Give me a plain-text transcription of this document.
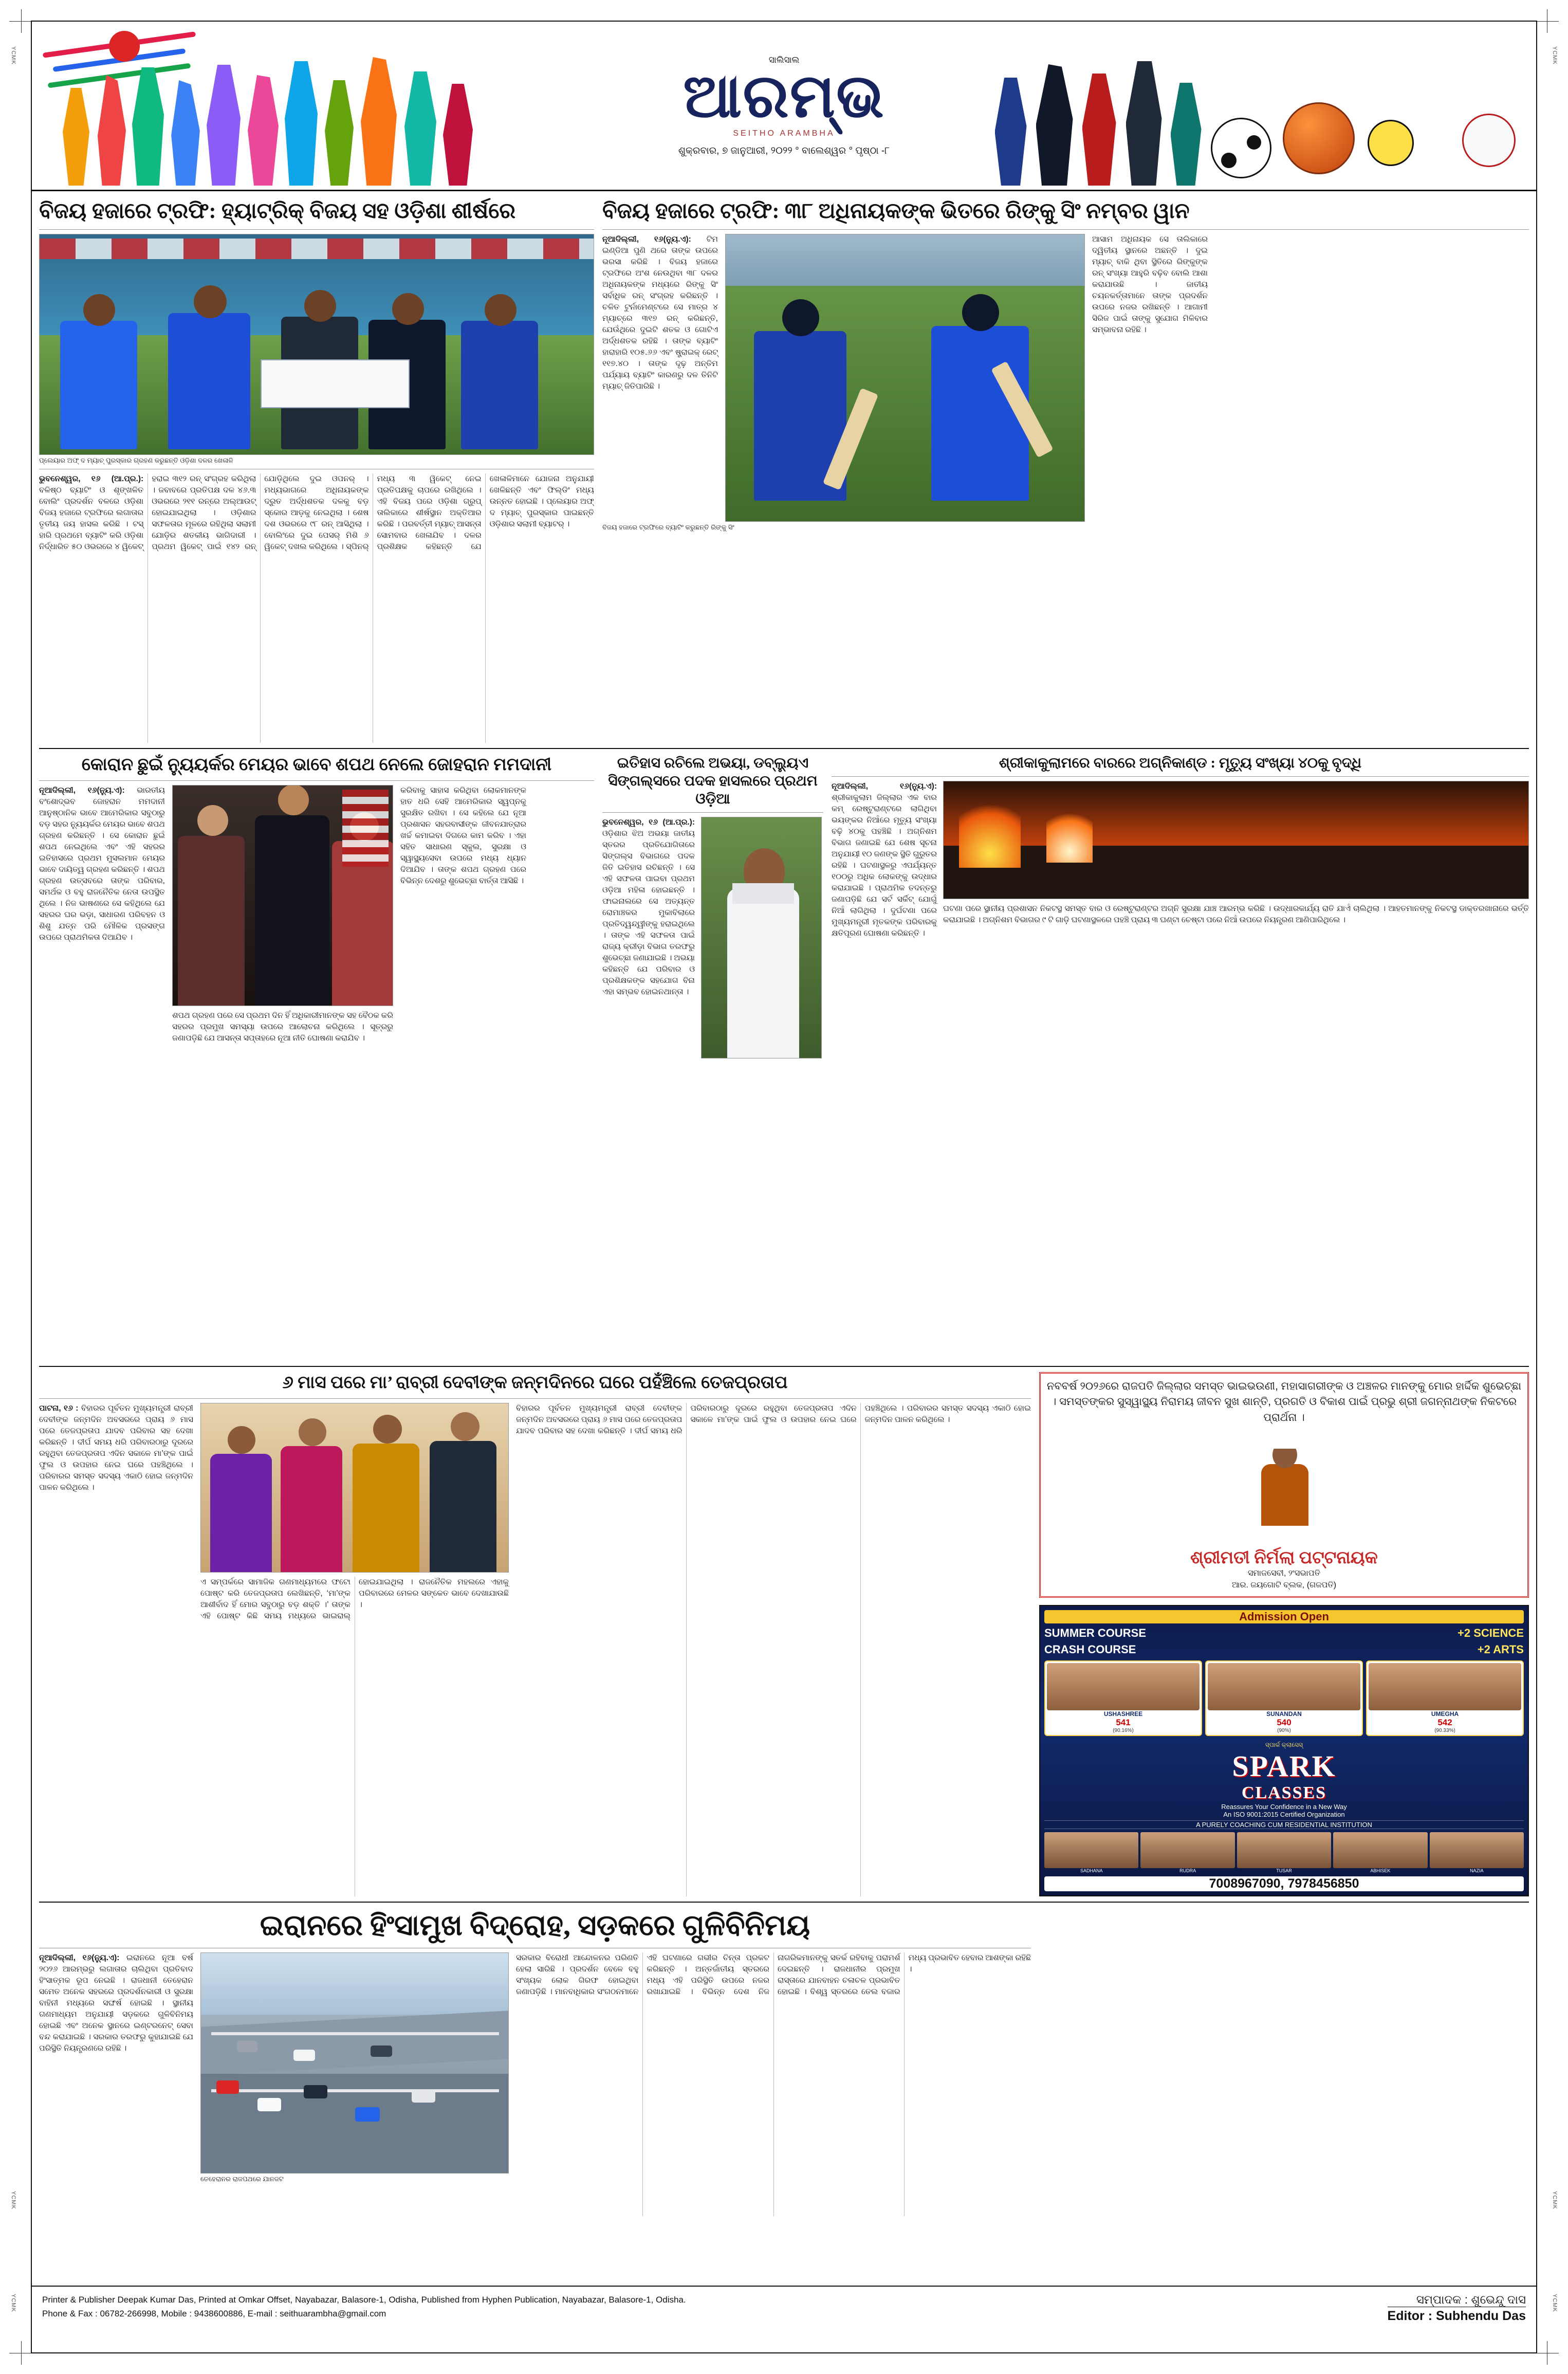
YCMK	YCMK
YCMK	YCMK
YCMK	YCMK
ସାଲିସାଲ
ଆରମ୍ଭ
SEITHO ARAMBHA
ଶୁକ୍ରବାର, ୭ ଜାନୁଆରୀ, ୨୦୨୨ ° ବାଲେଶ୍ୱର ° ପୃଷ୍ଠା -୮
ବିଜୟ ହଜାରେ ଟ୍ରଫି: ହ୍ୟାଟ୍ରିକ୍ ବିଜୟ ସହ ଓଡ଼ିଶା ଶୀର୍ଷରେ
ପ୍ଲେୟାର ଅଫ୍ ଦ ମ୍ୟାଚ୍ ପୁରସ୍କାର ଗ୍ରହଣ କରୁଛନ୍ତି ଓଡ଼ିଶା ଦଳର ଖେଳାଳି
ଭୁବନେଶ୍ୱର, ୧୬ (ଆ.ପ୍ର.): ବଳିଷ୍ଠ ବ୍ୟାଟିଂ ଓ ଶୃଙ୍ଖଳିତ ବୋଲିଂ ପ୍ରଦର୍ଶନ ବଳରେ ଓଡ଼ିଶା ବିଜୟ ହଜାରେ ଟ୍ରଫିରେ ଲଗାତାର ତୃତୀୟ ଜୟ ହାସଲ କରିଛି । ଟସ୍ ହାରି ପ୍ରଥମେ ବ୍ୟାଟିଂ କରି ଓଡ଼ିଶା ନିର୍ଦ୍ଧାରିତ ୫୦ ଓଭରରେ ୪ ୱିକେଟ୍ ହରାଇ ୩୧୨ ରନ୍ ସଂଗ୍ରହ କରିଥିଲା । ଜବାବରେ ପ୍ରତିପକ୍ଷ ଦଳ ୪୬.୩ ଓଭରରେ ୨୧୧ ରନ୍ରେ ଅଲ୍ଆଉଟ୍ ହୋଇଯାଇଥିଲା । ଓଡ଼ିଶାର ସଫଳତାର ମୂଳରେ ରହିଥିଲା ସଲାମୀ ଯୋଡ଼ିର ଶତକୀୟ ଭାଗିଦାରୀ । ପ୍ରଥମ ୱିକେଟ୍ ପାଇଁ ୧୪୨ ରନ୍ ଯୋଡ଼ିଥିଲେ ଦୁଇ ଓପନର୍ । ମଧ୍ୟଭାଗରେ ଅଧିନାୟକଙ୍କ ଦ୍ରୁତ ଅର୍ଦ୍ଧଶତକ ଦଳକୁ ବଡ଼ ସ୍କୋର ଆଡ଼କୁ ନେଇଥିଲା । ଶେଷ ଦଶ ଓଭରରେ ୯୮ ରନ୍ ଆସିଥିଲା । ବୋଲିଂରେ ଦୁଇ ପେସର୍ ମିଶି ୬ ୱିକେଟ୍ ଦଖଲ କରିଥିଲେ । ସ୍ପିନର୍ ମଧ୍ୟ ୩ ୱିକେଟ୍ ନେଇ ପ୍ରତିପକ୍ଷକୁ ଚାପରେ ରଖିଥିଲେ । ଏହି ବିଜୟ ପରେ ଓଡ଼ିଶା ଗ୍ରୁପ୍ ତାଲିକାରେ ଶୀର୍ଷସ୍ଥାନ ଅକ୍ତିଆର କରିଛି । ପରବର୍ତ୍ତୀ ମ୍ୟାଚ୍ ଆସନ୍ତା ସୋମବାର ଖେଳାଯିବ । ଦଳର ପ୍ରଶିକ୍ଷକ କହିଛନ୍ତି ଯେ ଖେଳାଳିମାନେ ଯୋଜନା ଅନୁଯାୟୀ ଖେଳିଛନ୍ତି ଏବଂ ଫିଲ୍ଡିଂ ମଧ୍ୟ ଉନ୍ନତ ହୋଇଛି । ପ୍ଲେୟାର ଅଫ୍ ଦ ମ୍ୟାଚ୍ ପୁରସ୍କାର ପାଇଛନ୍ତି ଓଡ଼ିଶାର ସଲାମୀ ବ୍ୟାଟର୍ ।
ବିଜୟ ହଜାରେ ଟ୍ରଫି: ୩୮ ଅଧିନାୟକଙ୍କ ଭିତରେ ରିଙ୍କୁ ସିଂ ନମ୍ବର ୱାନ
ନୂଆଦିଲ୍ଲୀ, ୧୬(ନ୍ୟୁ.ଏ): ଟିମ ଇଣ୍ଡିଆ ପୁଣି ଥରେ ତାଙ୍କ ଉପରେ ଭରସା କରିଛି । ବିଜୟ ହଜାରେ ଟ୍ରଫିରେ ଅଂଶ ନେଉଥିବା ୩୮ ଦଳର ଅଧିନାୟକଙ୍କ ମଧ୍ୟରେ ରିଙ୍କୁ ସିଂ ସର୍ବାଧିକ ରନ୍ ସଂଗ୍ରହ କରିଛନ୍ତି । ଚଳିତ ଟୁର୍ନାମେଣ୍ଟରେ ସେ ମାତ୍ର ୪ ମ୍ୟାଚ୍ରେ ୩୧୭ ରନ୍ କରିଛନ୍ତି, ଯେଉଁଥିରେ ଦୁଇଟି ଶତକ ଓ ଗୋଟିଏ ଅର୍ଦ୍ଧଶତକ ରହିଛି । ତାଙ୍କ ବ୍ୟାଟିଂ ହାରାହାରି ୧୦୫.୬୬ ଏବଂ ଷ୍ଟ୍ରାଇକ୍ ରେଟ୍ ୧୧୭.୪୦ । ତାଙ୍କ ଦୃଢ଼ ଅନ୍ତିମ ପର୍ଯ୍ୟାୟ ବ୍ୟାଟିଂ କାରଣରୁ ଦଳ ତିନିଟି ମ୍ୟାଚ୍ ଜିତିପାରିଛି ।
ଆସାମ ଅଧିନାୟକ ସେ ତାଲିକାରେ ଦ୍ୱିତୀୟ ସ୍ଥାନରେ ଅଛନ୍ତି । ଦୁଇ ମ୍ୟାଚ୍ ବାକି ଥିବା ସ୍ଥିତିରେ ରିଙ୍କୁଙ୍କ ରନ୍ ସଂଖ୍ୟା ଆହୁରି ବଢ଼ିବ ବୋଲି ଆଶା କରାଯାଉଛି । ଜାତୀୟ ଚୟନକର୍ତ୍ତାମାନେ ତାଙ୍କ ପ୍ରଦର୍ଶନ ଉପରେ ନଜର ରଖିଛନ୍ତି । ଆଗାମୀ ସିରିଜ ପାଇଁ ତାଙ୍କୁ ସୁଯୋଗ ମିଳିବାର ସମ୍ଭାବନା ରହିଛି ।
ବିଜୟ ହଜାରେ ଟ୍ରଫିରେ ବ୍ୟାଟିଂ କରୁଛନ୍ତି ରିଙ୍କୁ ସିଂ
କୋରାନ ଛୁଇଁ ନ୍ୟୁୟର୍କର ମେୟର ଭାବେ ଶପଥ ନେଲେ ଜୋହରାନ ମମଦାନୀ
ନୂଆଦିଲ୍ଲୀ, ୧୬(ନ୍ୟୁ.ଏ): ଭାରତୀୟ ବଂଶୋଦ୍ଭବ ଜୋହରାନ ମମଦାନୀ ଆନୁଷ୍ଠାନିକ ଭାବେ ଆମେରିକାର ସବୁଠାରୁ ବଡ଼ ସହର ନ୍ୟୁୟର୍କର ମେୟର ଭାବେ ଶପଥ ଗ୍ରହଣ କରିଛନ୍ତି । ସେ କୋରାନ ଛୁଇଁ ଶପଥ ନେଇଥିଲେ ଏବଂ ଏହି ସହରର ଇତିହାସରେ ପ୍ରଥମ ମୁସଲମାନ ମେୟର ଭାବେ ଦାୟିତ୍ୱ ଗ୍ରହଣ କରିଛନ୍ତି । ଶପଥ ଗ୍ରହଣ ଉତ୍ସବରେ ତାଙ୍କ ପରିବାର, ସମର୍ଥକ ଓ ବହୁ ରାଜନୈତିକ ନେତା ଉପସ୍ଥିତ ଥିଲେ । ନିଜ ଭାଷଣରେ ସେ କହିଥିଲେ ଯେ ସହରର ଘର ଭଡ଼ା, ସାଧାରଣ ପରିବହନ ଓ ଶିଶୁ ଯତ୍ନ ପରି ମୌଳିକ ପ୍ରସଙ୍ଗ ଉପରେ ପ୍ରାଥମିକତା ଦିଆଯିବ ।
ଶପଥ ଗ୍ରହଣ ପରେ ସେ ପ୍ରଥମ ଦିନ ହିଁ ଅଧିକାରୀମାନଙ୍କ ସହ ବୈଠକ କରି ସହରର ପ୍ରମୁଖ ସମସ୍ୟା ଉପରେ ଆଲୋଚନା କରିଥିଲେ । ସୂତ୍ରରୁ ଜଣାପଡ଼ିଛି ଯେ ଆସନ୍ତା ସପ୍ତାହରେ ନୂଆ ନୀତି ଘୋଷଣା କରାଯିବ ।
କରିବାକୁ ସାହାସ କରିଥିବା ଲୋକମାନଙ୍କ ହାତ ଧରି ସେହି ଆମେରିକାର ସ୍ୱପ୍ନକୁ ସୁରକ୍ଷିତ ରଖିବା । ସେ କହିଲେ ଯେ ନୂଆ ପ୍ରଶାସନ ସହରବାସୀଙ୍କ ଜୀବନଯାତ୍ରାର ଖର୍ଚ୍ଚ କମାଇବା ଦିଗରେ କାମ କରିବ । ଏହା ସହିତ ସାଧାରଣ ସ୍କୁଲ, ସୁରକ୍ଷା ଓ ସ୍ୱାସ୍ଥ୍ୟସେବା ଉପରେ ମଧ୍ୟ ଧ୍ୟାନ ଦିଆଯିବ । ତାଙ୍କ ଶପଥ ଗ୍ରହଣ ପରେ ବିଭିନ୍ନ ଦେଶରୁ ଶୁଭେଚ୍ଛା ବାର୍ତ୍ତା ଆସିଛି ।
ଇତିହାସ ରଚିଲେ ଅଭୟା, ଡବ୍ଲ୍ୟୁଏ ସିଙ୍ଗଲ୍ସରେ ପଦକ ହାସଲରେ ପ୍ରଥମ ଓଡ଼ିଆ
ଭୁବନେଶ୍ୱର, ୧୬ (ଆ.ପ୍ର.): ଓଡ଼ିଶାର ଝିଅ ଅଭୟା ଜାତୀୟ ସ୍ତରର ପ୍ରତିଯୋଗିତାରେ ସିଙ୍ଗଲ୍ସ ବିଭାଗରେ ପଦକ ଜିତି ଇତିହାସ ରଚିଛନ୍ତି । ସେ ଏହି ସଫଳତା ପାଇବା ପ୍ରଥମ ଓଡ଼ିଆ ମହିଳା ହୋଇଛନ୍ତି । ଫାଇନାଲରେ ସେ ଅତ୍ୟନ୍ତ ରୋମାଞ୍ଚକର ମୁକାବିଲାରେ ପ୍ରତିଦ୍ୱନ୍ଦ୍ୱୀଙ୍କୁ ହରାଇଥିଲେ । ତାଙ୍କ ଏହି ସଫଳତା ପାଇଁ ରାଜ୍ୟ କ୍ରୀଡ଼ା ବିଭାଗ ତରଫରୁ ଶୁଭେଚ୍ଛା ଜଣାଯାଇଛି । ଅଭୟା କହିଛନ୍ତି ଯେ ପରିବାର ଓ ପ୍ରଶିକ୍ଷକଙ୍କ ସହଯୋଗ ବିନା ଏହା ସମ୍ଭବ ହୋଇନଥାନ୍ତା ।

ଶ୍ରୀକାକୁଲାମରେ ବାରରେ ଅଗ୍ନିକାଣ୍ଡ : ମୃତ୍ୟୁ ସଂଖ୍ୟା ୪୦କୁ ବୃଦ୍ଧି
ନୂଆଦିଲ୍ଲୀ, ୧୬(ନ୍ୟୁ.ଏ): ଶ୍ରୀକାକୁଲାମ ଜିଲ୍ଲାର ଏକ ବାର କମ୍ ରେଷ୍ଟୁରାଣ୍ଟରେ ଲାଗିଥିବା ଭୟଙ୍କର ନିଆଁରେ ମୃତ୍ୟୁ ସଂଖ୍ୟା ବଢ଼ି ୪୦କୁ ପହଞ୍ଚିଛି । ଅଗ୍ନିଶମ ବିଭାଗ ଜଣାଇଛି ଯେ ଶେଷ ସୂଚନା ଅନୁଯାୟୀ ୧୦ ଜଣଙ୍କ ସ୍ଥିତି ଗୁରୁତର ରହିଛି । ଘଟଣାସ୍ଥଳରୁ ଏପର୍ଯ୍ୟନ୍ତ ୧୦୦ରୁ ଅଧିକ ଲୋକଙ୍କୁ ଉଦ୍ଧାର କରାଯାଇଛି । ପ୍ରାଥମିକ ତଦନ୍ତରୁ ଜଣାପଡ଼ିଛି ଯେ ସର୍ଟ ସର୍କିଟ୍ ଯୋଗୁଁ ନିଆଁ ଲାଗିଥିଲା । ଦୁର୍ଘଟଣା ପରେ ମୁଖ୍ୟମନ୍ତ୍ରୀ ମୃତକଙ୍କ ପରିବାରକୁ କ୍ଷତିପୂରଣ ଘୋଷଣା କରିଛନ୍ତି ।
ଘଟଣା ପରେ ସ୍ଥାନୀୟ ପ୍ରଶାସନ ନିକଟସ୍ଥ ସମସ୍ତ ବାର ଓ ରେଷ୍ଟୁରାଣ୍ଟର ଅଗ୍ନି ସୁରକ୍ଷା ଯାଞ୍ଚ ଆରମ୍ଭ କରିଛି । ଉଦ୍ଧାରକାର୍ଯ୍ୟ ରାତି ଯାଏଁ ଚାଲିଥିଲା । ଆହତମାନଙ୍କୁ ନିକଟସ୍ଥ ଡାକ୍ତରଖାନାରେ ଭର୍ତ୍ତି କରାଯାଇଛି । ଅଗ୍ନିଶମ ବିଭାଗର ୯ ଟି ଗାଡ଼ି ଘଟଣାସ୍ଥଳରେ ପହଞ୍ଚି ପ୍ରାୟ ୩ ଘଣ୍ଟା ଚେଷ୍ଟା ପରେ ନିଆଁ ଉପରେ ନିୟନ୍ତ୍ରଣ ଆଣିପାରିଥିଲେ ।
୬ ମାସ ପରେ ମା’ ରାବ୍ରୀ ଦେବୀଙ୍କ ଜନ୍ମଦିନରେ ଘରେ ପହଁଞ୍ଚିଲେ ତେଜପ୍ରତାପ
ପାଟନା, ୧୬ : ବିହାରର ପୂର୍ବତନ ମୁଖ୍ୟମନ୍ତ୍ରୀ ରାବ୍ରୀ ଦେବୀଙ୍କ ଜନ୍ମଦିନ ଅବସରରେ ପ୍ରାୟ ୬ ମାସ ପରେ ତେଜପ୍ରତାପ ଯାଦବ ପରିବାର ସହ ଦେଖା କରିଛନ୍ତି । ଦୀର୍ଘ ସମୟ ଧରି ପରିବାରଠାରୁ ଦୂରରେ ରହୁଥିବା ତେଜପ୍ରତାପ ଏଦିନ ସକାଳେ ମା’ଙ୍କ ପାଇଁ ଫୁଲ ଓ ଉପହାର ନେଇ ଘରେ ପହଞ୍ଚିଥିଲେ । ପରିବାରର ସମସ୍ତ ସଦସ୍ୟ ଏକାଠି ହୋଇ ଜନ୍ମଦିନ ପାଳନ କରିଥିଲେ ।
ଏ ସମ୍ପର୍କରେ ସାମାଜିକ ଗଣମାଧ୍ୟମରେ ଫଟୋ ପୋଷ୍ଟ କରି ତେଜପ୍ରତାପ ଲେଖିଛନ୍ତି, ‘ମା’ଙ୍କ ଆଶୀର୍ବାଦ ହିଁ ମୋର ସବୁଠାରୁ ବଡ଼ ଶକ୍ତି ।’ ତାଙ୍କ ଏହି ପୋଷ୍ଟ କିଛି ସମୟ ମଧ୍ୟରେ ଭାଇରାଲ୍ ହୋଇଯାଇଥିଲା । ରାଜନୈତିକ ମହଲରେ ଏହାକୁ ପରିବାରରେ ମେଳର ସଙ୍କେତ ଭାବେ ଦେଖାଯାଉଛି ।
ବିହାରର ପୂର୍ବତନ ମୁଖ୍ୟମନ୍ତ୍ରୀ ରାବ୍ରୀ ଦେବୀଙ୍କ ଜନ୍ମଦିନ ଅବସରରେ ପ୍ରାୟ ୬ ମାସ ପରେ ତେଜପ୍ରତାପ ଯାଦବ ପରିବାର ସହ ଦେଖା କରିଛନ୍ତି । ଦୀର୍ଘ ସମୟ ଧରି ପରିବାରଠାରୁ ଦୂରରେ ରହୁଥିବା ତେଜପ୍ରତାପ ଏଦିନ ସକାଳେ ମା’ଙ୍କ ପାଇଁ ଫୁଲ ଓ ଉପହାର ନେଇ ଘରେ ପହଞ୍ଚିଥିଲେ । ପରିବାରର ସମସ୍ତ ସଦସ୍ୟ ଏକାଠି ହୋଇ ଜନ୍ମଦିନ ପାଳନ କରିଥିଲେ ।
ନବବର୍ଷ ୨୦୨୬ରେ ରାଜପତି ଜିଲ୍ଲାର ସମସ୍ତ ଭାଇଭଉଣୀ, ମହାସାଗରୀଙ୍କ ଓ ଅଞ୍ଚଳର ମାନଙ୍କୁ ମୋର ହାର୍ଦ୍ଦିକ ଶୁଭେଚ୍ଛା । ସମସ୍ତଙ୍କର ସୁସ୍ୱାସ୍ଥ୍ୟ ନିରାମୟ ଜୀବନ ସୁଖ ଶାନ୍ତି, ପ୍ରଗତି ଓ ବିକାଶ ପାଇଁ ପ୍ରଭୁ ଶ୍ରୀ ଜଗନ୍ନାଥଙ୍କ ନିକଟରେ ପ୍ରାର୍ଥନା ।
ଶ୍ରୀମତୀ ନିର୍ମଲା ପଟ୍ଟନାୟକ
ସମାଜସେବୀ, ୨ଂସଭାପତି
ଆର. ଜୟଗୋଟି ବ୍ଲକ, (ଗଜପତି)
Admission Open
SUMMER COURSE	+2 SCIENCE
CRASH COURSE	+2 ARTS
USHASHREE
541
(90.16%)
SUNANDAN
540
(90%)
UMEGHA
542
(90.33%)
ସ୍ପାର୍କ କ୍ଲାସେସ୍
SPARK
CLASSES
Reassures Your Confidence in a New Way
An ISO 9001:2015 Certified Organization
A PURELY COACHING CUM RESIDENTIAL INSTITUTION
SADHANA	RUDRA	TUSAR	ABHISEK	NAZIA
7008967090, 7978456850
ଇରାନରେ ହିଂସାମୁଖ ବିଦ୍ରୋହ, ସଡ଼କରେ ଗୁଳିବିନିମୟ
ନୂଆଦିଲ୍ଲୀ, ୧୬(ନ୍ୟୁ.ଏ): ଇରାନରେ ନୂଆ ବର୍ଷ ୨୦୨୬ ଆରମ୍ଭରୁ ଲଗାତାର ଚାଲିଥିବା ପ୍ରତିବାଦ ହିଂସାତ୍ମକ ରୂପ ନେଇଛି । ରାଜଧାନୀ ତେହେରାନ ସମେତ ଅନେକ ସହରରେ ପ୍ରଦର୍ଶନକାରୀ ଓ ସୁରକ୍ଷା ବାହିନୀ ମଧ୍ୟରେ ସଙ୍ଘର୍ଷ ହୋଇଛି । ସ୍ଥାନୀୟ ଗଣମାଧ୍ୟମ ଅନୁଯାୟୀ ସଡ଼କରେ ଗୁଳିବିନିମୟ ହୋଇଛି ଏବଂ ଅନେକ ସ୍ଥାନରେ ଇଣ୍ଟରନେଟ୍ ସେବା ବନ୍ଦ କରାଯାଇଛି । ସରକାର ତରଫରୁ କୁହାଯାଇଛି ଯେ ପରିସ୍ଥିତି ନିୟନ୍ତ୍ରଣରେ ରହିଛି ।
ତେହେରାନର ରାଜପଥରେ ଯାନଜଟ
ସରକାର ବିରୋଧୀ ଆନ୍ଦୋଳନର ପରିଣତି ହେଲା ସାରିଛି । ପ୍ରଦର୍ଶନ ବେଳେ ବହୁ ସଂଖ୍ୟକ ଲୋକ ଗିରଫ ହୋଇଥିବା ଜଣାପଡ଼ିଛି । ମାନବାଧିକାର ସଂଗଠନମାନେ ଏହି ଘଟଣାରେ ଗଭୀର ଚିନ୍ତା ପ୍ରକଟ କରିଛନ୍ତି । ଅନ୍ତର୍ଜାତୀୟ ସ୍ତରରେ ମଧ୍ୟ ଏହି ପରିସ୍ଥିତି ଉପରେ ନଜର ରଖାଯାଇଛି । ବିଭିନ୍ନ ଦେଶ ନିଜ ନାଗରିକମାନଙ୍କୁ ସତର୍କ ରହିବାକୁ ପରାମର୍ଶ ଦେଇଛନ୍ତି । ରାଜଧାନୀର ପ୍ରମୁଖ ରାସ୍ତାରେ ଯାନବାହନ ଚଳାଚଳ ପ୍ରଭାବିତ ହୋଇଛି । ବିଶ୍ୱ ସ୍ତରରେ ତେଲ ବଜାର ମଧ୍ୟ ପ୍ରଭାବିତ ହେବାର ଆଶଙ୍କା ରହିଛି ।
Printer & Publisher Deepak Kumar Das, Printed at Omkar Offset, Nayabazar, Balasore-1, Odisha, Published from Hyphen Publication, Nayabazar, Balasore-1, Odisha.
Phone & Fax : 06782-266998, Mobile : 9438600886, E-mail : seithuarambha@gmail.com
ସମ୍ପାଦକ : ଶୁଭେନ୍ଦୁ ଦାସ
Editor : Subhendu Das
